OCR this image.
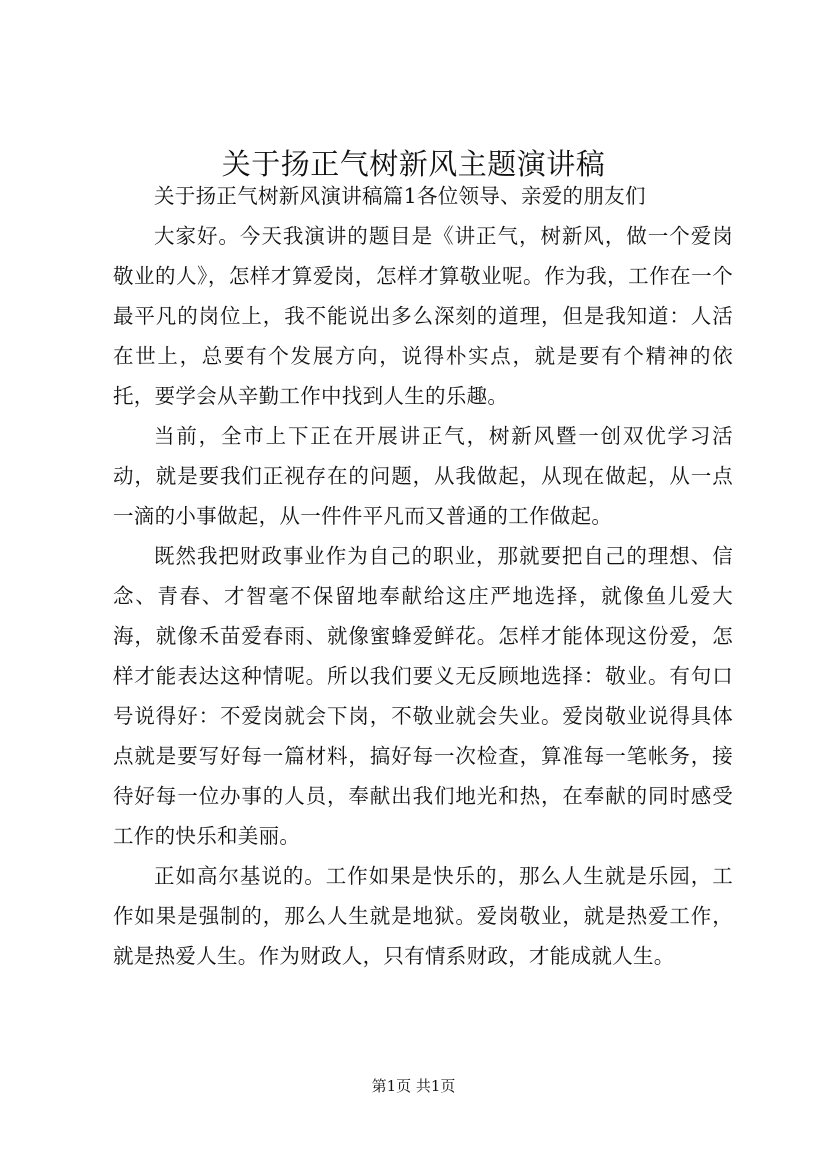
关于扬正气树新风主题演讲稿

关于扬正气树新风演讲稿篇1各位领导、亲爱的朋友们

大家好。今天我演讲的题目是《讲正气，树新风，做一个爱岗敬业的人》，怎样才算爱岗，怎样才算敬业呢。作为我，工作在一个最平凡的岗位上，我不能说出多么深刻的道理，但是我知道：人活在世上，总要有个发展方向，说得朴实点，就是要有个精神的依托，要学会从辛勤工作中找到人生的乐趣。

当前，全市上下正在开展讲正气，树新风暨一创双优学习活动，就是要我们正视存在的问题，从我做起，从现在做起，从一点一滴的小事做起，从一件件平凡而又普通的工作做起。

既然我把财政事业作为自己的职业，那就要把自己的理想、信念、青春、才智毫不保留地奉献给这庄严地选择，就像鱼儿爱大海，就像禾苗爱春雨、就像蜜蜂爱鲜花。怎样才能体现这份爱，怎样才能表达这种情呢。所以我们要义无反顾地选择：敬业。有句口号说得好：不爱岗就会下岗，不敬业就会失业。爱岗敬业说得具体点就是要写好每一篇材料，搞好每一次检查，算准每一笔帐务，接待好每一位办事的人员，奉献出我们地光和热，在奉献的同时感受工作的快乐和美丽。

正如高尔基说的。工作如果是快乐的，那么人生就是乐园，工作如果是强制的，那么人生就是地狱。爱岗敬业，就是热爱工作，就是热爱人生。作为财政人，只有情系财政，才能成就人生。

第1页 共1页
